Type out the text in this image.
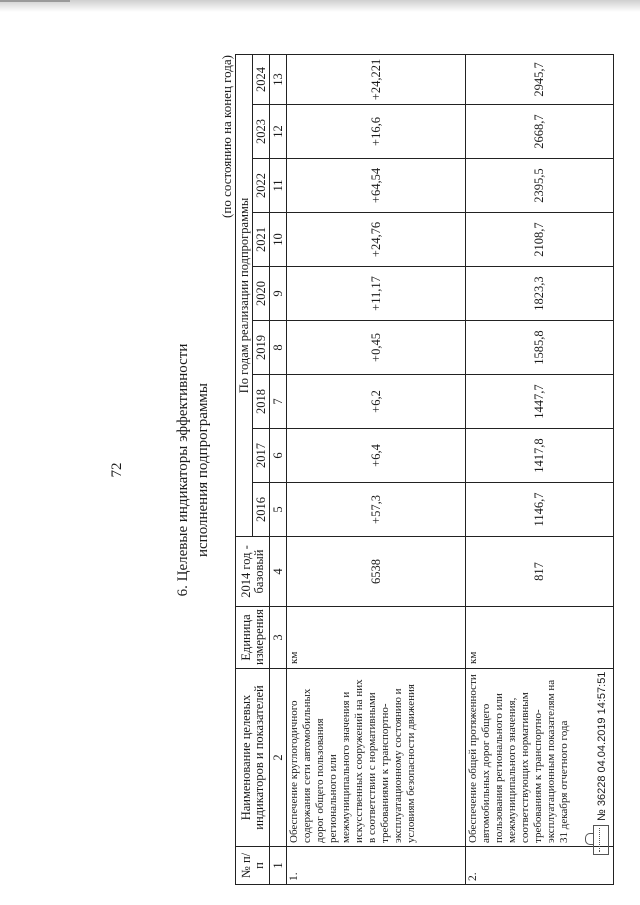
72	6. Целевые индикаторы эффективности исполнения подпрограммы
(по состоянию на конец года)
№ п/п	Наименование целевых индикаторов и показателей	Единица измерения	2014 год - базовый	По годам реализации подпрограммы								
				2016	2017	2018	2019	2020	2021	2022	2023	2024
1	2	3	4	5	6	7	8	9	10	11	12	13
1.	Обеспечение круглогодичного содержания сети автомобильных дорог общего пользования регионального или межмуниципального значения и искусственных сооружений на них в соответствии с нормативными требованиями к транспортно-эксплуатационному состоянию и условиям безопасности движения	км	6538	+57,3	+6,4	+6,2	+0,45	+11,17	+24,76	+64,54	+16,6	+24,221
2.	Обеспечение общей протяженности автомобильных дорог общего пользования регионального или межмуниципального значения, соответствующих нормативным требованиям к транспортно-эксплуатационным показателям на 31 декабря отчетного года	км	817	1146,7	1417,8	1447,7	1585,8	1823,3	2108,7	2395,5	2668,7	2945,7
№ 36228 04.04.2019 14:57:51
